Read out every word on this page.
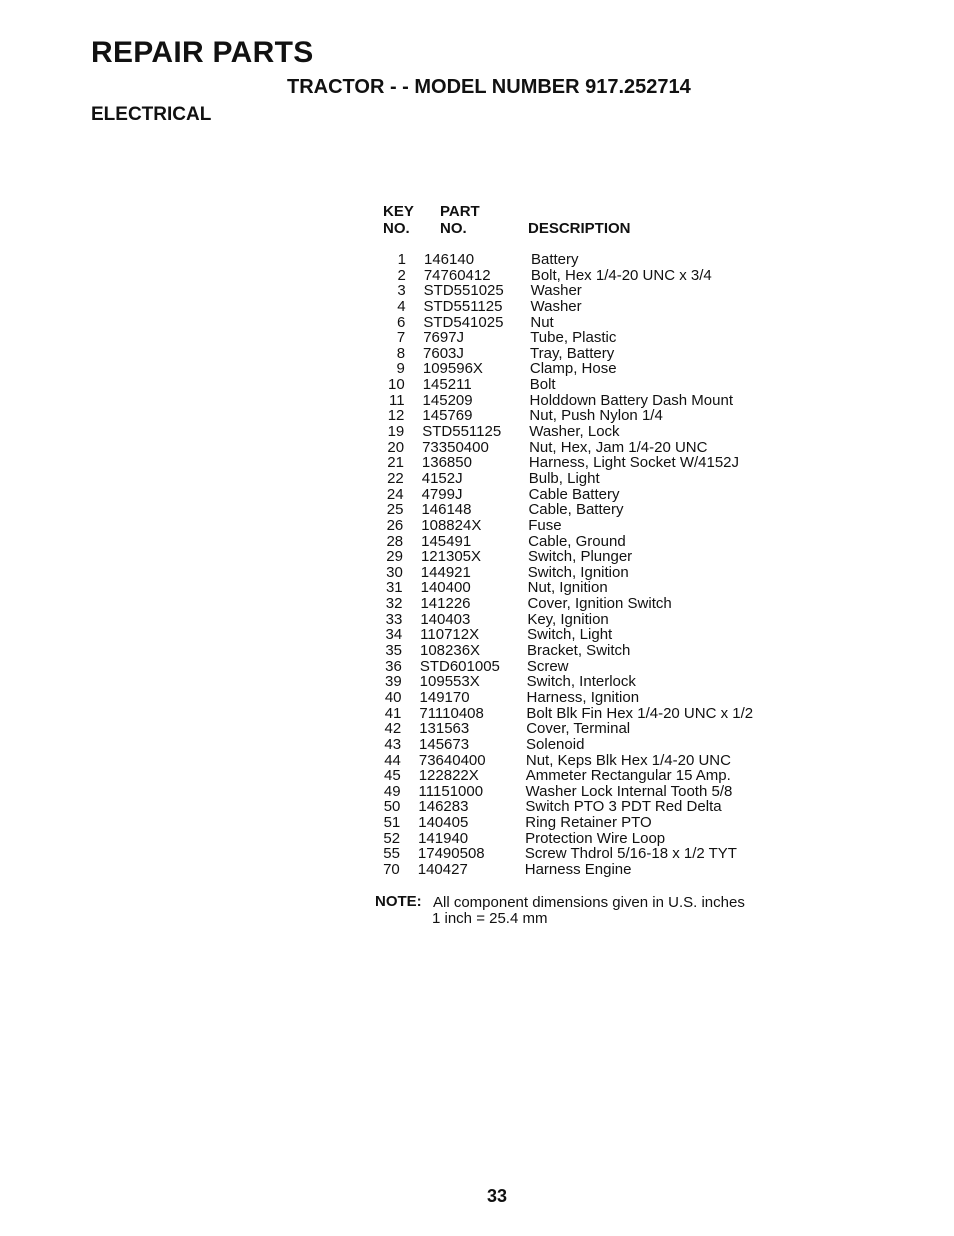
REPAIR PARTS
TRACTOR - - MODEL NUMBER 917.252714
ELECTRICAL
KEY
NO.
PART
NO.	DESCRIPTION
1 146140	Battery
2 74760412	Bolt, Hex 1/4-20 UNC x 3/4
3 STD551025 Washer
4 STD551125 Washer
6 STD541025 Nut
7 7697J	Tube, Plastic
8 7603J	Tray, Battery
9 109596X	Clamp, Hose
10 145211	Bolt
11 145209	Holddown Battery Dash Mount
12 145769	Nut, Push Nylon 1/4
19 STD551125 Washer, Lock
20 73350400	Nut, Hex, Jam 1/4-20 UNC
21 136850	Harness, Light Socket W/4152J
22 4152J	Bulb, Light
24 4799J	Cable Battery
25 146148	Cable, Battery
26 108824X	Fuse
28 145491	Cable, Ground
29 121305X	Switch, Plunger
30 144921	Switch, Ignition
31 140400	Nut, Ignition
32 141226	Cover, Ignition Switch
33 140403	Key, Ignition
34 110712X	Switch, Light
35 108236X	Bracket, Switch
36 STD601005 Screw
39 109553X	Switch, Interlock
40 149170	Harness, Ignition
41 71110408	Bolt Blk Fin Hex 1/4-20 UNC x 1/2
42 131563	Cover, Terminal
43 145673	Solenoid
44 73640400	Nut, Keps Blk Hex 1/4-20 UNC
45 122822X	Ammeter Rectangular 15 Amp.
49 11151000	Washer Lock Internal Tooth 5/8
50 146283	Switch PTO 3 PDT Red Delta
51 140405	Ring Retainer PTO
52 141940	Protection Wire Loop
55 17490508	Screw Thdrol 5/16-18 x 1/2 TYT
70 140427	Harness Engine
NOTE: All component dimensions given in U.S. inches
1 inch = 25.4 mm
33
